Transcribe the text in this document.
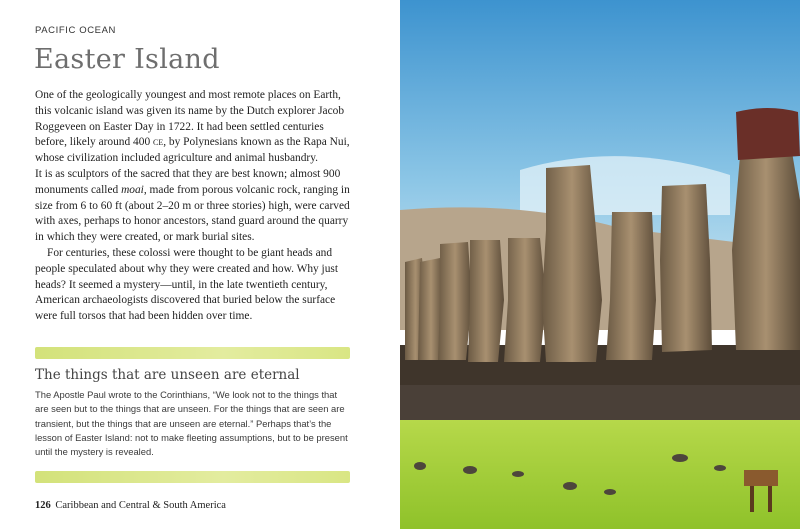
PACIFIC OCEAN
Easter Island

One of the geologically youngest and most remote places on Earth, this volcanic island was given its name by the Dutch explorer Jacob Roggeveen on Easter Day in 1722. It had been settled centuries before, likely around 400 ce, by Polynesians known as the Rapa Nui, whose civilization included agriculture and animal husbandry.

It is as sculptors of the sacred that they are best known; almost 900 monuments called moai, made from porous volcanic rock, ranging in size from 6 to 60 ft (about 2–20 m or three stories) high, were carved with axes, perhaps to honor ancestors, stand guard around the quarry in which they were created, or mark burial sites.

For centuries, these colossi were thought to be giant heads and people speculated about why they were created and how. Why just heads? It seemed a mystery—until, in the late twentieth century, American archaeologists discovered that buried below the surface were full torsos that had been hidden over time.

The things that are unseen are eternal
The Apostle Paul wrote to the Corinthians, “We look not to the things that are seen but to the things that are unseen. For the things that are seen are transient, but the things that are unseen are eternal.” Perhaps that’s the lesson of Easter Island: not to make fleeting assumptions, but to be present until the mystery is revealed.
126 Caribbean and Central & South America
